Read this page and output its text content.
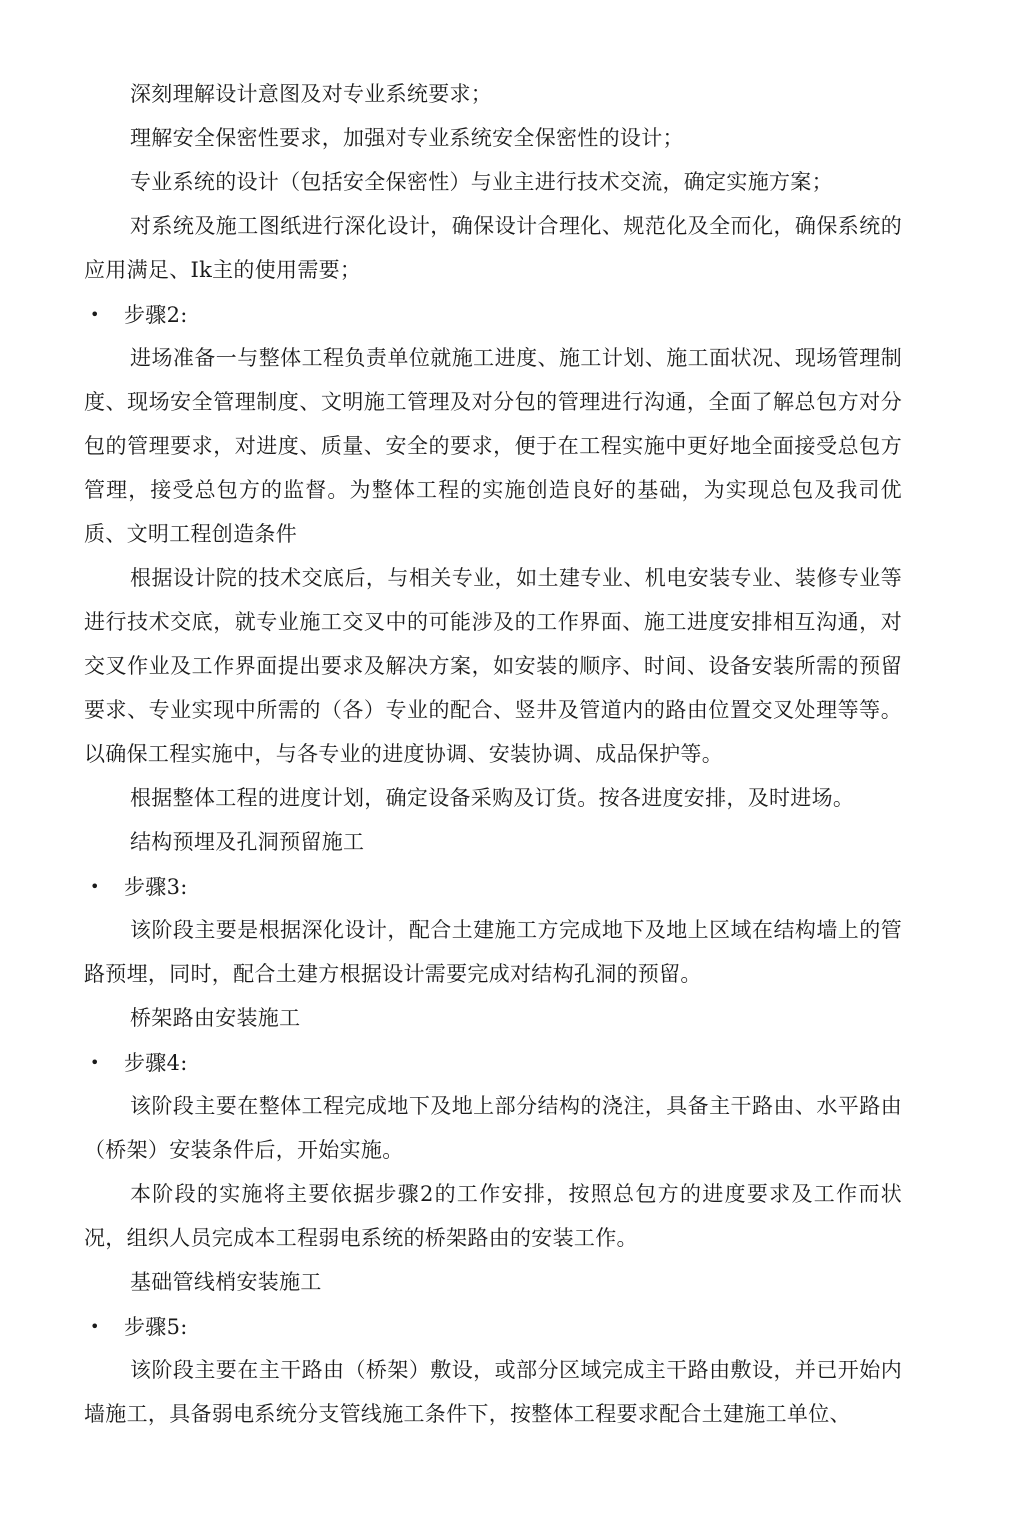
深刻理解设计意图及对专业系统要求；

理解安全保密性要求，加强对专业系统安全保密性的设计；

专业系统的设计（包括安全保密性）与业主进行技术交流，确定实施方案；

对系统及施工图纸进行深化设计，确保设计合理化、规范化及全而化，确保系统的应用满足、Ik主的使用需要；

•	步骤2:

进场准备一与整体工程负责单位就施工进度、施工计划、施工面状况、现场管理制度、现场安全管理制度、文明施工管理及对分包的管理进行沟通，全面了解总包方对分包的管理要求，对进度、质量、安全的要求，便于在工程实施中更好地全面接受总包方管理，接受总包方的监督。为整体工程的实施创造良好的基础，为实现总包及我司优质、文明工程创造条件

根据设计院的技术交底后，与相关专业，如土建专业、机电安装专业、装修专业等进行技术交底，就专业施工交叉中的可能涉及的工作界面、施工进度安排相互沟通，对交叉作业及工作界面提出要求及解决方案，如安装的顺序、时间、设备安装所需的预留要求、专业实现中所需的（各）专业的配合、竖井及管道内的路由位置交叉处理等等。以确保工程实施中，与各专业的进度协调、安装协调、成品保护等。

根据整体工程的进度计划，确定设备采购及订货。按各进度安排，及时进场。

结构预埋及孔洞预留施工

•	步骤3:

该阶段主要是根据深化设计，配合土建施工方完成地下及地上区域在结构墙上的管路预埋，同时，配合土建方根据设计需要完成对结构孔洞的预留。

桥架路由安装施工

•	步骤4:

该阶段主要在整体工程完成地下及地上部分结构的浇注，具备主干路由、水平路由（桥架）安装条件后，开始实施。

本阶段的实施将主要依据步骤2的工作安排，按照总包方的进度要求及工作而状况，组织人员完成本工程弱电系统的桥架路由的安装工作。

基础管线梢安装施工

•	步骤5:

该阶段主要在主干路由（桥架）敷设，或部分区域完成主干路由敷设，并已开始内墙施工，具备弱电系统分支管线施工条件下，按整体工程要求配合土建施工单位、
